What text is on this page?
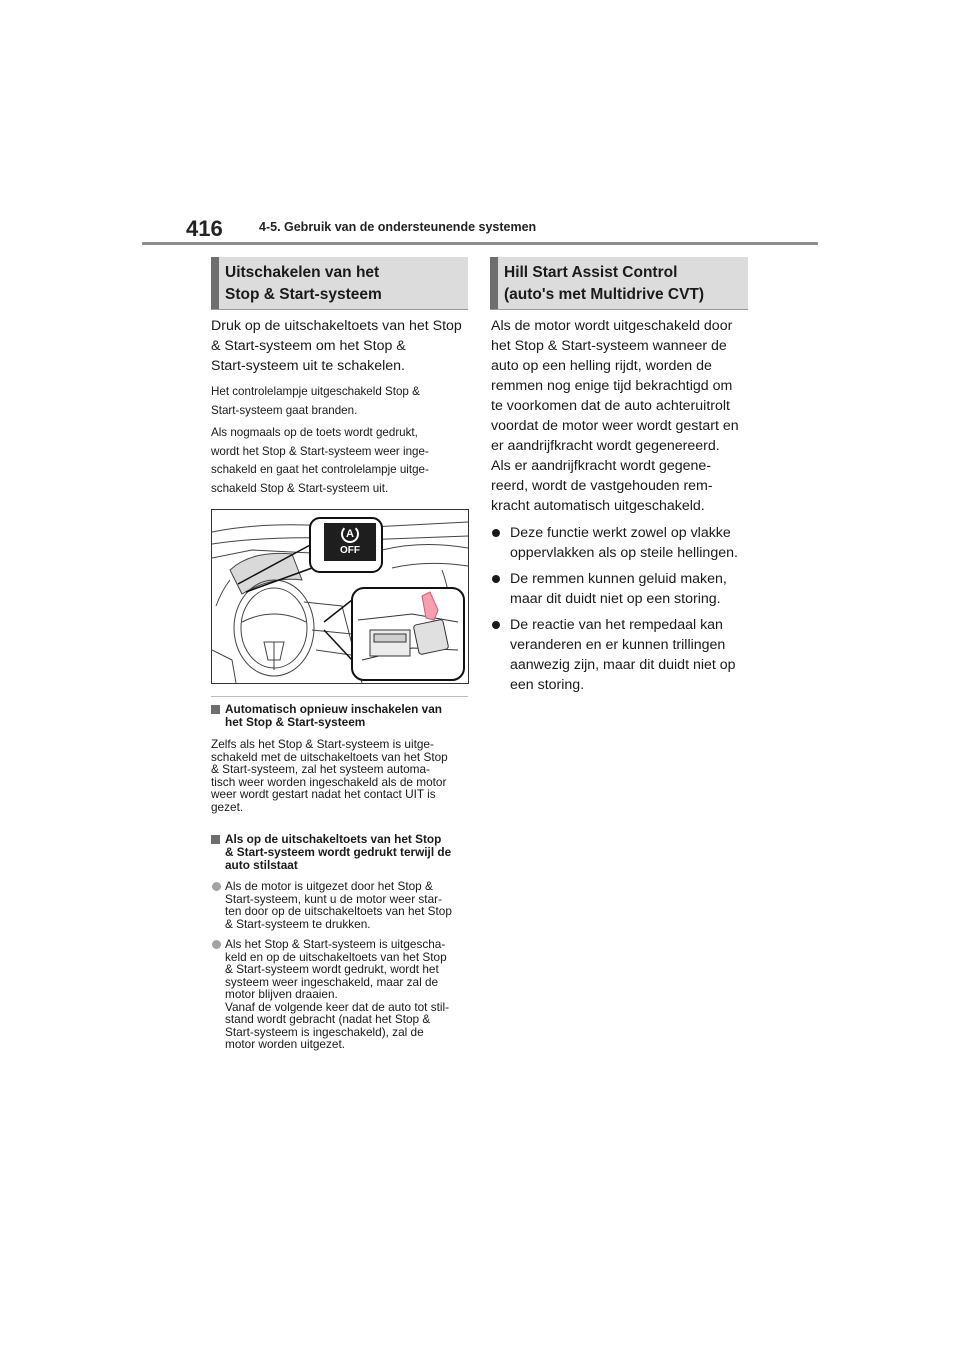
416	4-5. Gebruik van de ondersteunende systemen
Uitschakelen van het
Stop & Start-systeem

Druk op de uitschakeltoets van het Stop

& Start-systeem om het Stop &

Start-systeem uit te schakelen.

Het controlelampje uitgeschakeld Stop &

Start-systeem gaat branden.

Als nogmaals op de toets wordt gedrukt,

wordt het Stop & Start-systeem weer inge-

schakeld en gaat het controlelampje uitge-

schakeld Stop & Start-systeem uit.

A
OFF
Automatisch opnieuw inschakelen van
het Stop & Start-systeem

Zelfs als het Stop & Start-systeem is uitge-

schakeld met de uitschakeltoets van het Stop

& Start-systeem, zal het systeem automa-

tisch weer worden ingeschakeld als de motor

weer wordt gestart nadat het contact UIT is

gezet.

Als op de uitschakeltoets van het Stop
& Start-systeem wordt gedrukt terwijl de
auto stilstaat
Als de motor is uitgezet door het Stop &
Start-systeem, kunt u de motor weer star-
ten door op de uitschakeltoets van het Stop
& Start-systeem te drukken.
Als het Stop & Start-systeem is uitgescha-
keld en op de uitschakeltoets van het Stop
& Start-systeem wordt gedrukt, wordt het
systeem weer ingeschakeld, maar zal de
motor blijven draaien.
Vanaf de volgende keer dat de auto tot stil-
stand wordt gebracht (nadat het Stop &
Start-systeem is ingeschakeld), zal de
motor worden uitgezet.
Hill Start Assist Control
(auto's met Multidrive CVT)

Als de motor wordt uitgeschakeld door

het Stop & Start-systeem wanneer de

auto op een helling rijdt, worden de

remmen nog enige tijd bekrachtigd om

te voorkomen dat de auto achteruitrolt

voordat de motor weer wordt gestart en

er aandrijfkracht wordt gegenereerd.

Als er aandrijfkracht wordt gegene-

reerd, wordt de vastgehouden rem-

kracht automatisch uitgeschakeld.

Deze functie werkt zowel op vlakke
oppervlakken als op steile hellingen.
De remmen kunnen geluid maken,
maar dit duidt niet op een storing.
De reactie van het rempedaal kan
veranderen en er kunnen trillingen
aanwezig zijn, maar dit duidt niet op
een storing.
